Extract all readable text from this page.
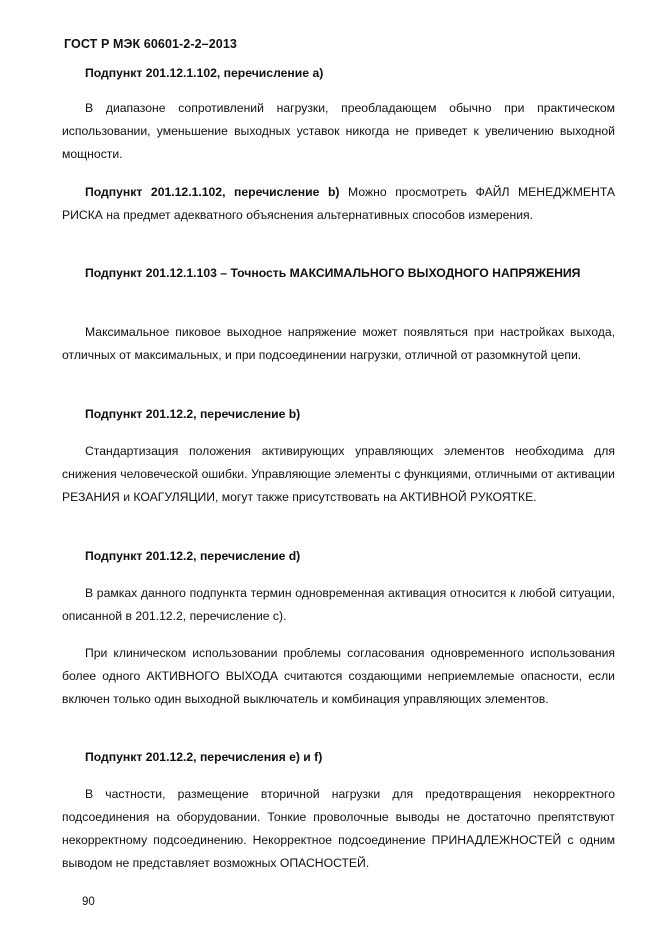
ГОСТ Р МЭК 60601-2-2–2013
Подпункт 201.12.1.102, перечисление а)
В диапазоне сопротивлений нагрузки, преобладающем обычно при практическом использовании, уменьшение выходных уставок никогда не приведет к увеличению выходной мощности.
Подпункт 201.12.1.102, перечисление b) Можно просмотреть ФАЙЛ МЕНЕДЖМЕНТА РИСКА на предмет адекватного объяснения альтернативных способов измерения.
Подпункт 201.12.1.103 – Точность МАКСИМАЛЬНОГО ВЫХОДНОГО НАПРЯЖЕНИЯ
Максимальное пиковое выходное напряжение может появляться при настройках выхода, отличных от максимальных, и при подсоединении нагрузки, отличной от разомкнутой цепи.
Подпункт 201.12.2, перечисление b)
Стандартизация положения активирующих управляющих элементов необходима для снижения человеческой ошибки. Управляющие элементы с функциями, отличными от активации РЕЗАНИЯ и КОАГУЛЯЦИИ, могут также присутствовать на АКТИВНОЙ РУКОЯТКЕ.
Подпункт 201.12.2, перечисление d)
В рамках данного подпункта термин одновременная активация относится к любой ситуации, описанной в 201.12.2, перечисление с).
При клиническом использовании проблемы согласования одновременного использования более одного АКТИВНОГО ВЫХОДА считаются создающими неприемлемые опасности, если включен только один выходной выключатель и комбинация управляющих элементов.
Подпункт 201.12.2, перечисления е) и f)
В частности, размещение вторичной нагрузки для предотвращения некорректного подсоединения на оборудовании. Тонкие проволочные выводы не достаточно препятствуют некорректному подсоединению. Некорректное подсоединение ПРИНАДЛЕЖНОСТЕЙ с одним выводом не представляет возможных ОПАСНОСТЕЙ.
90
